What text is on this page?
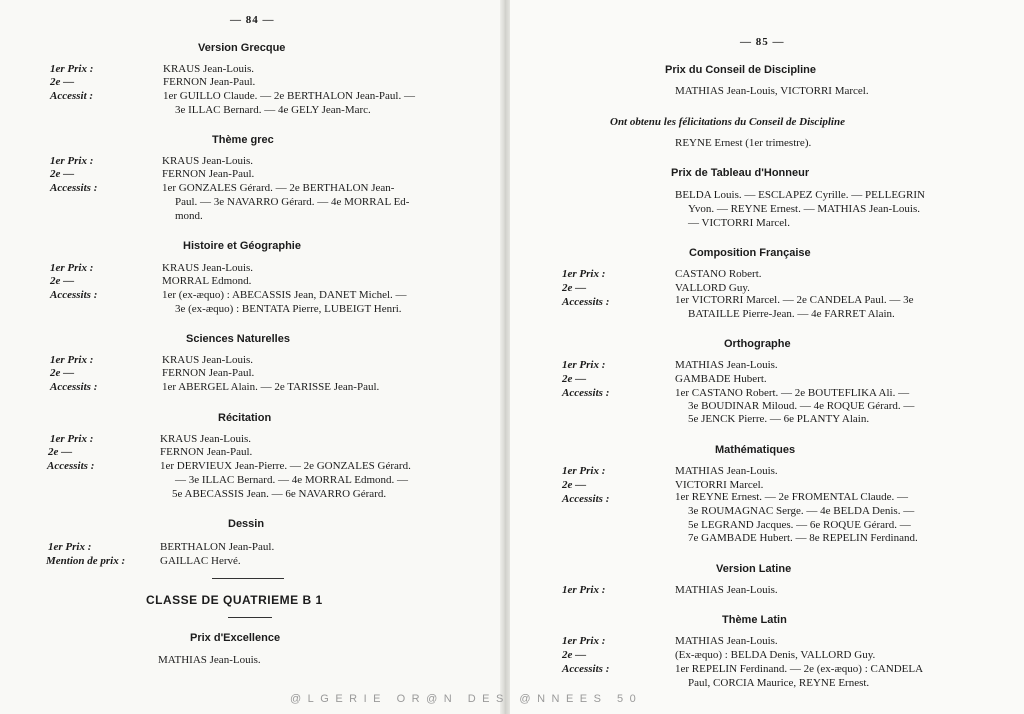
— 84 —
Version Grecque
1er Prix :	KRAUS Jean-Louis.
2e —	FERNON Jean-Paul.
Accessit :	1er GUILLO Claude. — 2e BERTHALON Jean-Paul. —
3e ILLAC Bernard. — 4e GELY Jean-Marc.
Thème grec
1er Prix :	KRAUS Jean-Louis.
2e —	FERNON Jean-Paul.
Accessits :	1er GONZALES Gérard. — 2e BERTHALON Jean-
Paul. — 3e NAVARRO Gérard. — 4e MORRAL Ed-
mond.
Histoire et Géographie
1er Prix :	KRAUS Jean-Louis.
2e —	MORRAL Edmond.
Accessits :	1er (ex-æquo) : ABECASSIS Jean, DANET Michel. —
3e (ex-æquo) : BENTATA Pierre, LUBEIGT Henri.
Sciences Naturelles
1er Prix :	KRAUS Jean-Louis.
2e —	FERNON Jean-Paul.
Accessits :	1er ABERGEL Alain. — 2e TARISSE Jean-Paul.
Récitation
1er Prix :	KRAUS Jean-Louis.
2e —	FERNON Jean-Paul.
Accessits :	1er DERVIEUX Jean-Pierre. — 2e GONZALES Gérard.
— 3e ILLAC Bernard. — 4e MORRAL Edmond. —
5e ABECASSIS Jean. — 6e NAVARRO Gérard.
Dessin
1er Prix :	BERTHALON Jean-Paul.
Mention de prix :	GAILLAC Hervé.
CLASSE DE QUATRIEME B 1
Prix d'Excellence
MATHIAS Jean-Louis.
— 85 —
Prix du Conseil de Discipline
MATHIAS Jean-Louis, VICTORRI Marcel.
Ont obtenu les félicitations du Conseil de Discipline
REYNE Ernest (1er trimestre).
Prix de Tableau d'Honneur
BELDA Louis. — ESCLAPEZ Cyrille. — PELLEGRIN
Yvon. — REYNE Ernest. — MATHIAS Jean-Louis.
— VICTORRI Marcel.
Composition Française
1er Prix :	CASTANO Robert.
2e —	VALLORD Guy.
Accessits :	1er VICTORRI Marcel. — 2e CANDELA Paul. — 3e
BATAILLE Pierre-Jean. — 4e FARRET Alain.
Orthographe
1er Prix :	MATHIAS Jean-Louis.
2e —	GAMBADE Hubert.
Accessits :	1er CASTANO Robert. — 2e BOUTEFLIKA Ali. —
3e BOUDINAR Miloud. — 4e ROQUE Gérard. —
5e JENCK Pierre. — 6e PLANTY Alain.
Mathématiques
1er Prix :	MATHIAS Jean-Louis.
2e —	VICTORRI Marcel.
Accessits :	1er REYNE Ernest. — 2e FROMENTAL Claude. —
3e ROUMAGNAC Serge. — 4e BELDA Denis. —
5e LEGRAND Jacques. — 6e ROQUE Gérard. —
7e GAMBADE Hubert. — 8e REPELIN Ferdinand.
Version Latine
1er Prix :	MATHIAS Jean-Louis.
Thème Latin
1er Prix :	MATHIAS Jean-Louis.
2e —	(Ex-æquo) : BELDA Denis, VALLORD Guy.
Accessits :	1er REPELIN Ferdinand. — 2e (ex-æquo) : CANDELA
Paul, CORCIA Maurice, REYNE Ernest.
@LGERIE OR@N DES @NNEES 50
